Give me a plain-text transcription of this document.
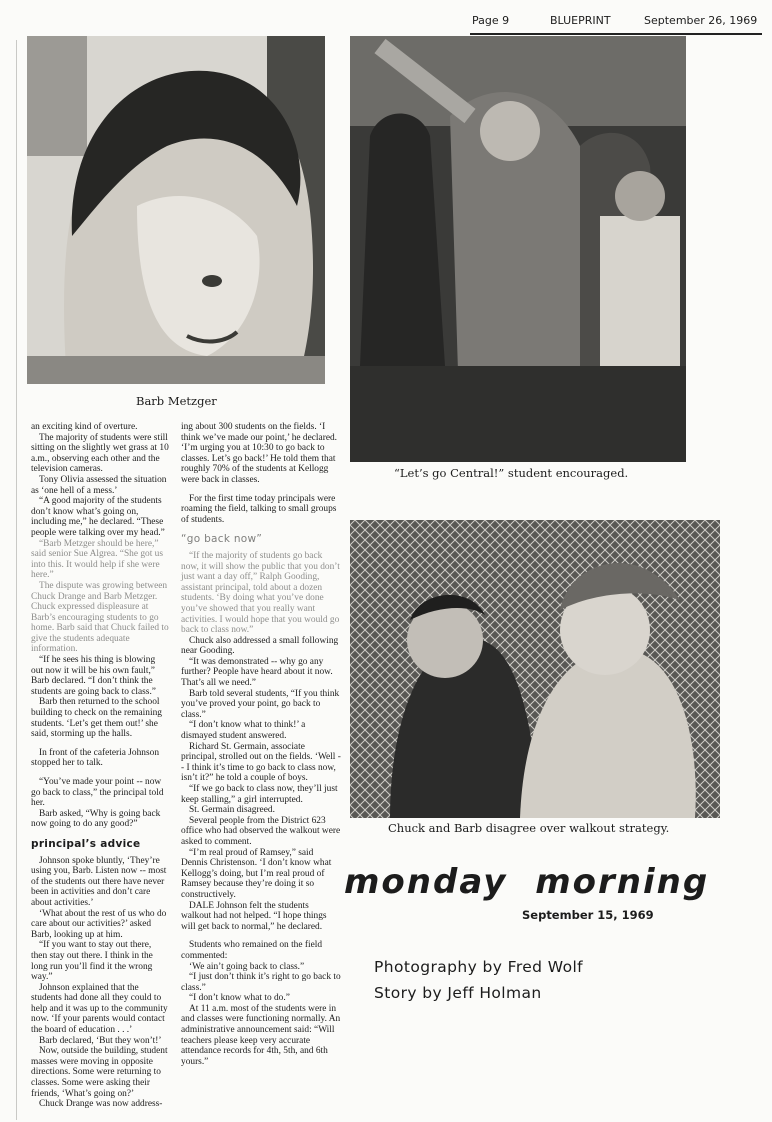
Page 9	BLUEPRINT	September 26, 1969
Barb Metzger
“Let’s go Central!” student encouraged.
Chuck and Barb disagree over walkout strategy.

an exciting kind of overture.

The majority of students were still sitting on the slightly wet grass at 10 a.m., observing each other and the television cameras.

Tony Olivia assessed the situation as ‘one hell of a mess.’

“A good majority of the students don’t know what’s going on, including me,” he declared. “These people were talking over my head.”

“Barb Metzger should be here,” said senior Sue Algrea. “She got us into this. It would help if she were here.”

The dispute was growing between Chuck Drange and Barb Metzger. Chuck expressed displeasure at Barb’s encouraging students to go home. Barb said that Chuck failed to give the students adequate information.

“If he sees his thing is blowing out now it will be his own fault,” Barb declared. “I don’t think the students are going back to class.”

Barb then returned to the school building to check on the remaining students. ‘Let’s get them out!’ she said, storming up the halls.

In front of the cafeteria Johnson stopped her to talk.

“You’ve made your point -- now go back to class,” the principal told her.

Barb asked, “Why is going back now going to do any good?”

principal’s advice

Johnson spoke bluntly, ‘They’re using you, Barb. Listen now -- most of the students out there have never been in activities and don’t care about activities.’

‘What about the rest of us who do care about our activities?’ asked Barb, looking up at him.

“If you want to stay out there, then stay out there. I think in the long run you’ll find it the wrong way.”

Johnson explained that the students had done all they could to help and it was up to the community now. ‘If your parents would contact the board of education . . .’

Barb declared, ‘But they won’t!’

Now, outside the building, student masses were moving in opposite directions. Some were returning to classes. Some were asking their friends, ‘What’s going on?’

Chuck Drange was now address-

ing about 300 students on the fields. ‘I think we’ve made our point,’ he declared. ‘I’m urging you at 10:30 to go back to classes. Let’s go back!’ He told them that roughly 70% of the students at Kellogg were back in classes.

For the first time today principals were roaming the field, talking to small groups of students.

“go back now”

“If the majority of students go back now, it will show the public that you don’t just want a day off,” Ralph Gooding, assistant principal, told about a dozen students. ‘By doing what you’ve done you’ve showed that you really want activities. I would hope that you would go back to class now.”

Chuck also addressed a small following near Gooding.

“It was demonstrated -- why go any further? People have heard about it now. That’s all we need.”

Barb told several students, “If you think you’ve proved your point, go back to class.”

“I don’t know what to think!’ a dismayed student answered.

Richard St. Germain, associate principal, strolled out on the fields. ‘Well -- I think it’s time to go back to class now, isn’t it?” he told a couple of boys.

“If we go back to class now, they’ll just keep stalling,” a girl interrupted.

St. Germain disagreed.

Several people from the District 623 office who had observed the walkout were asked to comment.

“I’m real proud of Ramsey,” said Dennis Christenson. ‘I don’t know what Kellogg’s doing, but I’m real proud of Ramsey because they’re doing it so constructively.

DALE Johnson felt the students walkout had not helped. “I hope things will get back to normal,” he declared.

Students who remained on the field commented:

‘We ain’t going back to class.”

“I just don’t think it’s right to go back to class.”

“I don’t know what to do.”

At 11 a.m. most of the students were in and classes were functioning normally. An administrative announcement said: “Will teachers please keep very accurate attendance records for 4th, 5th, and 6th yours.”

monday morning
September 15, 1969
Photography by Fred Wolf
Story by Jeff Holman
